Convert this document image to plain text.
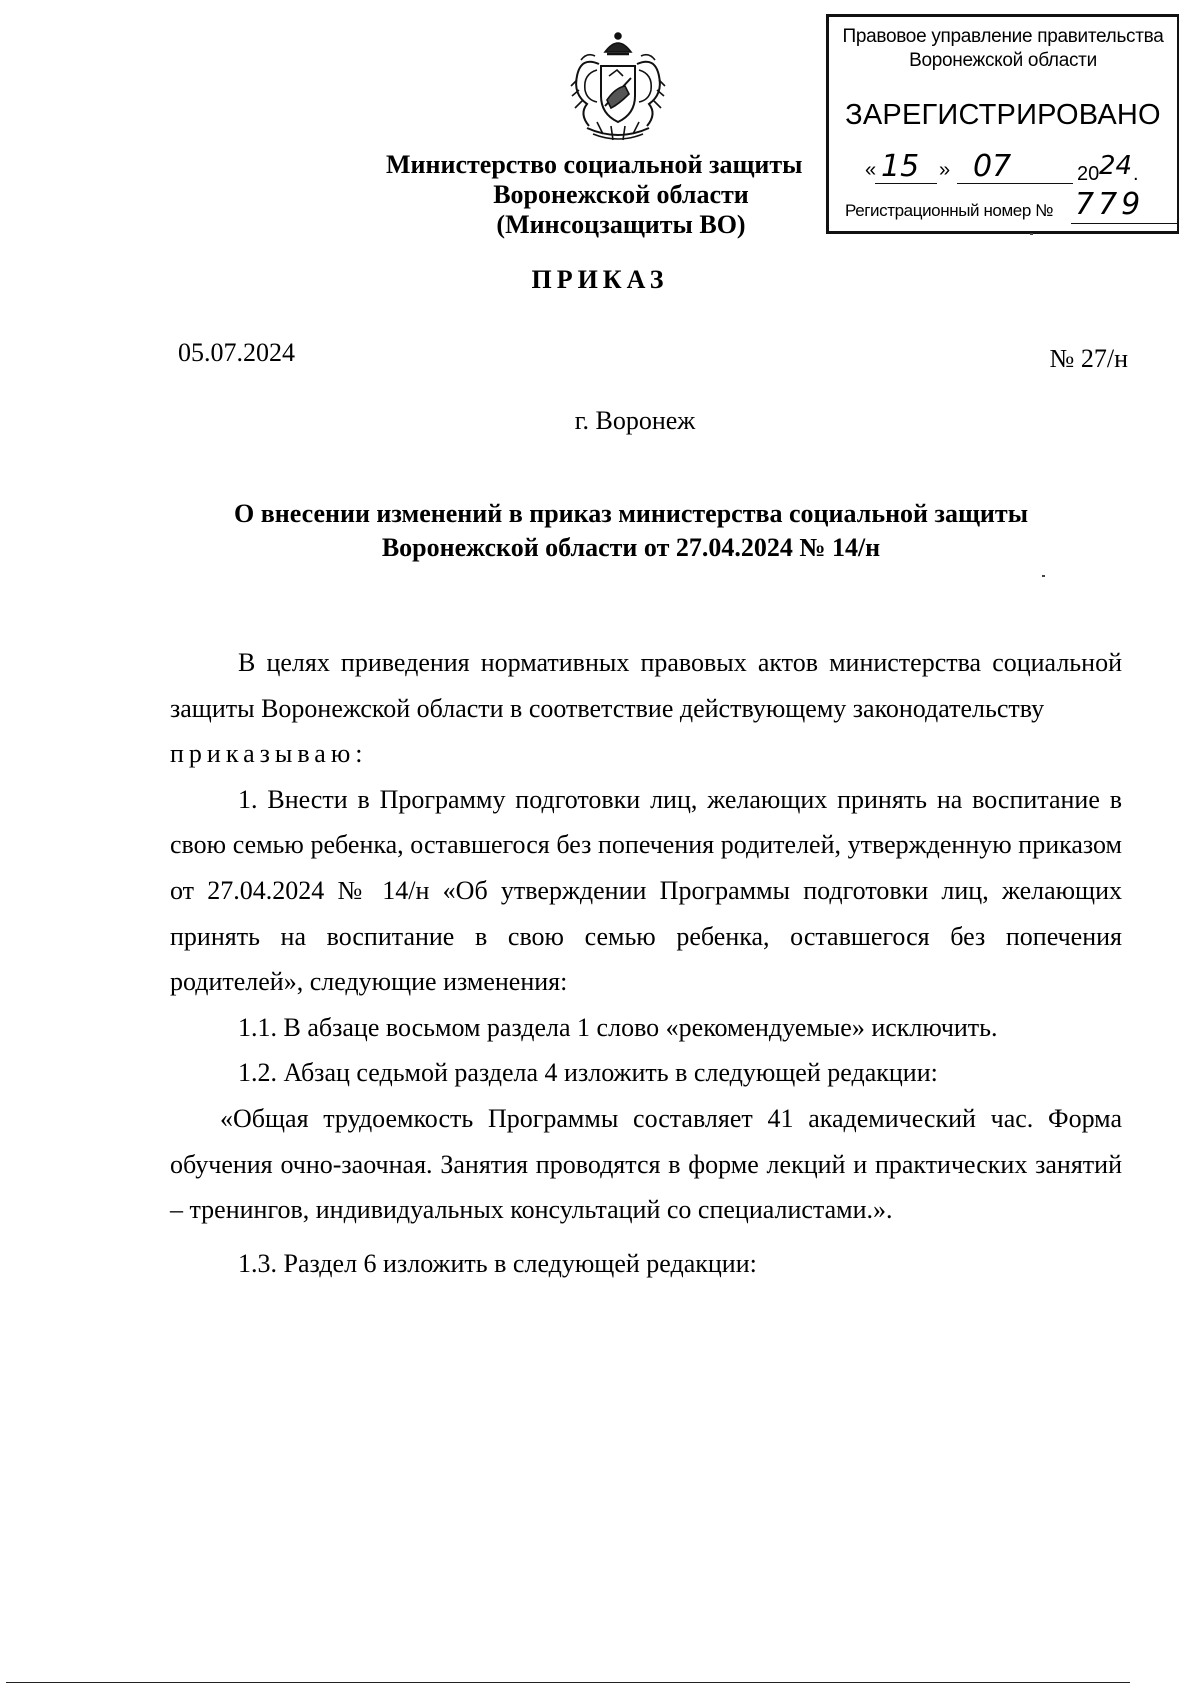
Министерство социальной защиты
Воронежской области
(Минсоцзащиты ВО)
Правовое управление правительства
Воронежской области
ЗАРЕГИСТРИРОВАНО
« 15 » 07	20 24 .
Регистрационный номер № 779
ПРИКАЗ
05.07.2024	№ 27/н
г. Воронеж
О внесении изменений в приказ министерства социальной защиты
Воронежской области от 27.04.2024 № 14/н

В целях приведения нормативных правовых актов министерства социальной защиты Воронежской области в соответствие действующему законодательству

приказываю:

1. Внести в Программу подготовки лиц, желающих принять на воспитание в свою семью ребенка, оставшегося без попечения родителей, утвержденную приказом от 27.04.2024 № 14/н «Об утверждении Программы подготовки лиц, желающих принять на воспитание в свою семью ребенка, оставшегося без попечения родителей», следующие изменения:

1.1. В абзаце восьмом раздела 1 слово «рекомендуемые» исключить.

1.2. Абзац седьмой раздела 4 изложить в следующей редакции:

«Общая трудоемкость Программы составляет 41 академический час. Форма обучения очно-заочная. Занятия проводятся в форме лекций и практических занятий – тренингов, индивидуальных консультаций со специалистами.».

1.3. Раздел 6 изложить в следующей редакции:
